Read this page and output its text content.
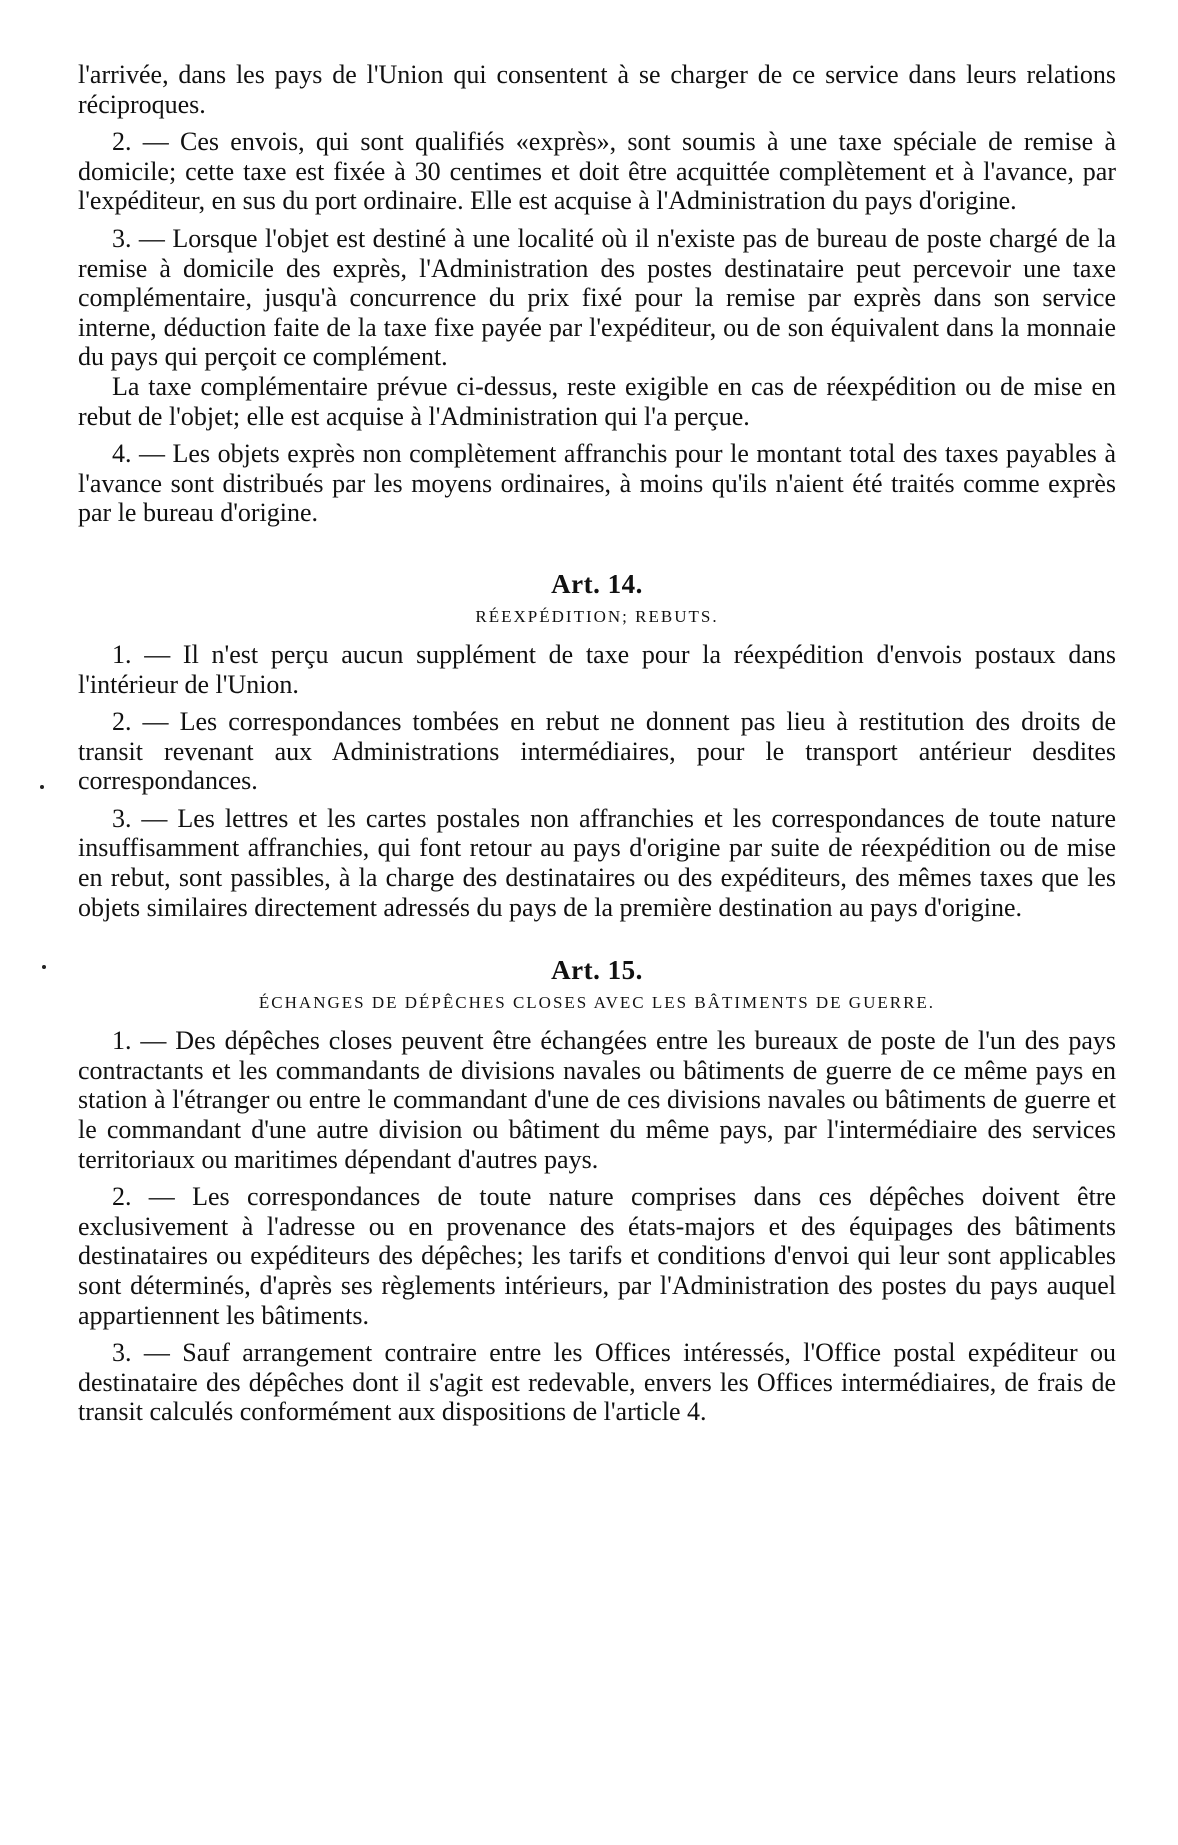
l'arrivée, dans les pays de l'Union qui consentent à se charger de ce service dans leurs relations réciproques.

2. — Ces envois, qui sont qualifiés «exprès», sont soumis à une taxe spéciale de remise à domicile; cette taxe est fixée à 30 centimes et doit être acquittée complètement et à l'avance, par l'expéditeur, en sus du port ordinaire. Elle est acquise à l'Administration du pays d'origine.

3. — Lorsque l'objet est destiné à une localité où il n'existe pas de bureau de poste chargé de la remise à domicile des exprès, l'Administration des postes destinataire peut percevoir une taxe complémentaire, jusqu'à concurrence du prix fixé pour la remise par exprès dans son service interne, déduction faite de la taxe fixe payée par l'expéditeur, ou de son équivalent dans la monnaie du pays qui perçoit ce complément.

La taxe complémentaire prévue ci-dessus, reste exigible en cas de réexpédition ou de mise en rebut de l'objet; elle est acquise à l'Administration qui l'a perçue.

4. — Les objets exprès non complètement affranchis pour le montant total des taxes payables à l'avance sont distribués par les moyens ordinaires, à moins qu'ils n'aient été traités comme exprès par le bureau d'origine.

Art. 14.
RÉEXPÉDITION; REBUTS.

1. — Il n'est perçu aucun supplément de taxe pour la réexpédition d'envois postaux dans l'intérieur de l'Union.

2. — Les correspondances tombées en rebut ne donnent pas lieu à restitution des droits de transit revenant aux Administrations intermédiaires, pour le transport antérieur desdites correspondances.

3. — Les lettres et les cartes postales non affranchies et les correspondances de toute nature insuffisamment affranchies, qui font retour au pays d'origine par suite de réexpédition ou de mise en rebut, sont passibles, à la charge des destinataires ou des expéditeurs, des mêmes taxes que les objets similaires directement adressés du pays de la première destination au pays d'origine.

Art. 15.
ÉCHANGES DE DÉPÊCHES CLOSES AVEC LES BÂTIMENTS DE GUERRE.

1. — Des dépêches closes peuvent être échangées entre les bureaux de poste de l'un des pays contractants et les commandants de divisions navales ou bâtiments de guerre de ce même pays en station à l'étranger ou entre le commandant d'une de ces divisions navales ou bâtiments de guerre et le commandant d'une autre division ou bâtiment du même pays, par l'intermédiaire des services territoriaux ou maritimes dépendant d'autres pays.

2. — Les correspondances de toute nature comprises dans ces dépêches doivent être exclusivement à l'adresse ou en provenance des états-majors et des équipages des bâtiments destinataires ou expéditeurs des dépêches; les tarifs et conditions d'envoi qui leur sont applicables sont déterminés, d'après ses règlements intérieurs, par l'Administration des postes du pays auquel appartiennent les bâtiments.

3. — Sauf arrangement contraire entre les Offices intéressés, l'Office postal expéditeur ou destinataire des dépêches dont il s'agit est redevable, envers les Offices intermédiaires, de frais de transit calculés conformément aux dispositions de l'article 4.
